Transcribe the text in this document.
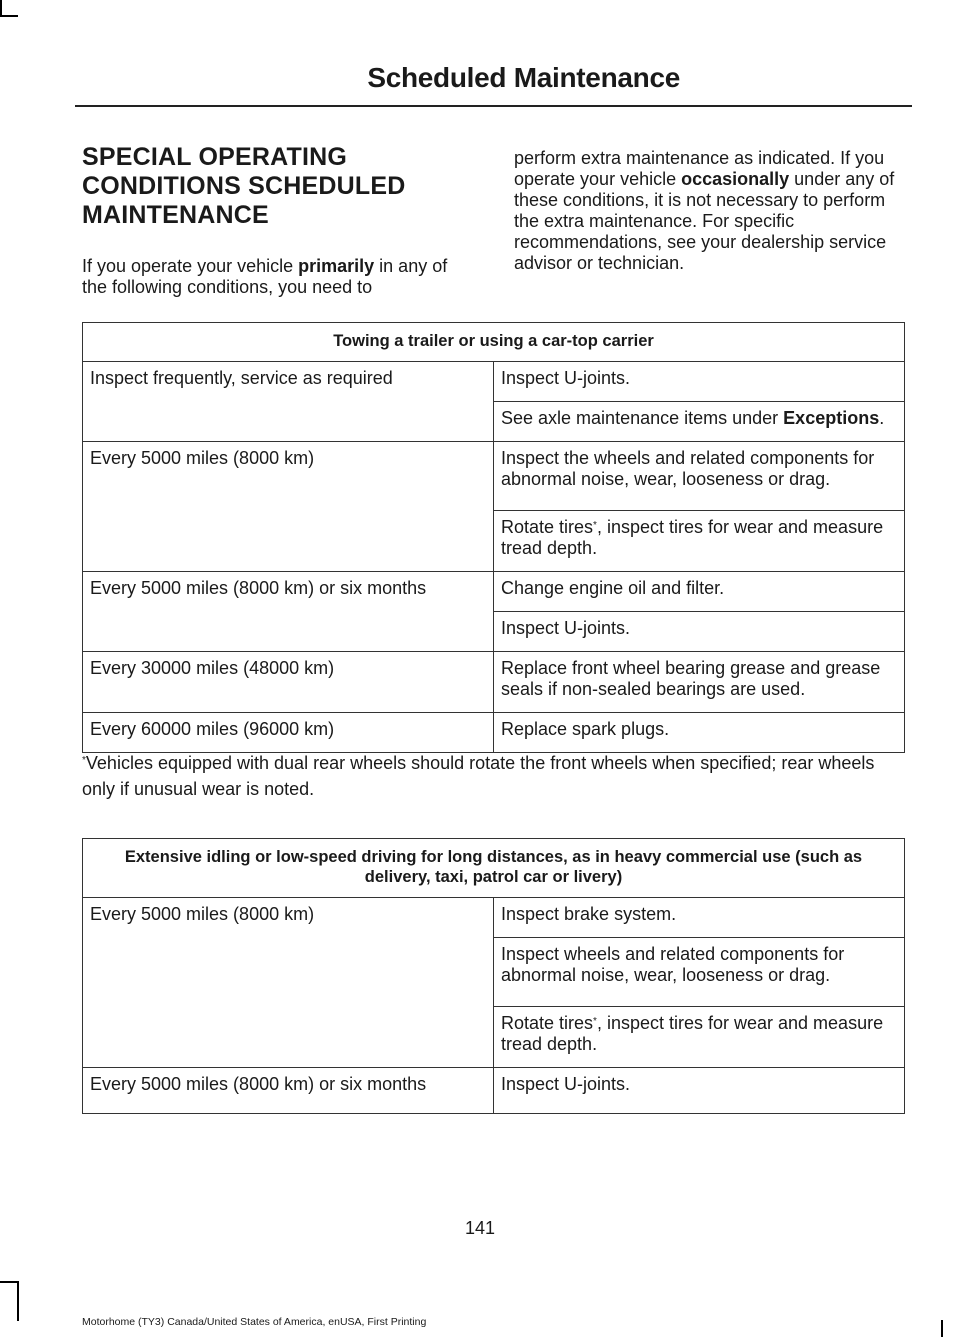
Scheduled Maintenance
SPECIAL OPERATING
CONDITIONS SCHEDULED
MAINTENANCE

If you operate your vehicle primarily in any of the following conditions, you need to

perform extra maintenance as indicated. If you operate your vehicle occasionally under any of these conditions, it is not necessary to perform the extra maintenance. For specific recommendations, see your dealership service advisor or technician.

Towing a trailer or using a car-top carrier	
Inspect frequently, service as required	Inspect U-joints.
	See axle maintenance items under Exceptions.
Every 5000 miles (8000 km)	Inspect the wheels and related components for abnormal noise, wear, looseness or drag.
	Rotate tires*, inspect tires for wear and measure tread depth.
Every 5000 miles (8000 km) or six months	Change engine oil and filter.
	Inspect U-joints.
Every 30000 miles (48000 km)	Replace front wheel bearing grease and grease seals if non-sealed bearings are used.
Every 60000 miles (96000 km)	Replace spark plugs.
*Vehicles equipped with dual rear wheels should rotate the front wheels when specified; rear wheels only if unusual wear is noted.
Extensive idling or low-speed driving for long distances, as in heavy commercial use (such as delivery, taxi, patrol car or livery)	
Every 5000 miles (8000 km)	Inspect brake system.
	Inspect wheels and related components for abnormal noise, wear, looseness or drag.
	Rotate tires*, inspect tires for wear and measure tread depth.
Every 5000 miles (8000 km) or six months	Inspect U-joints.
141
Motorhome (TY3) Canada/United States of America, enUSA, First Printing
